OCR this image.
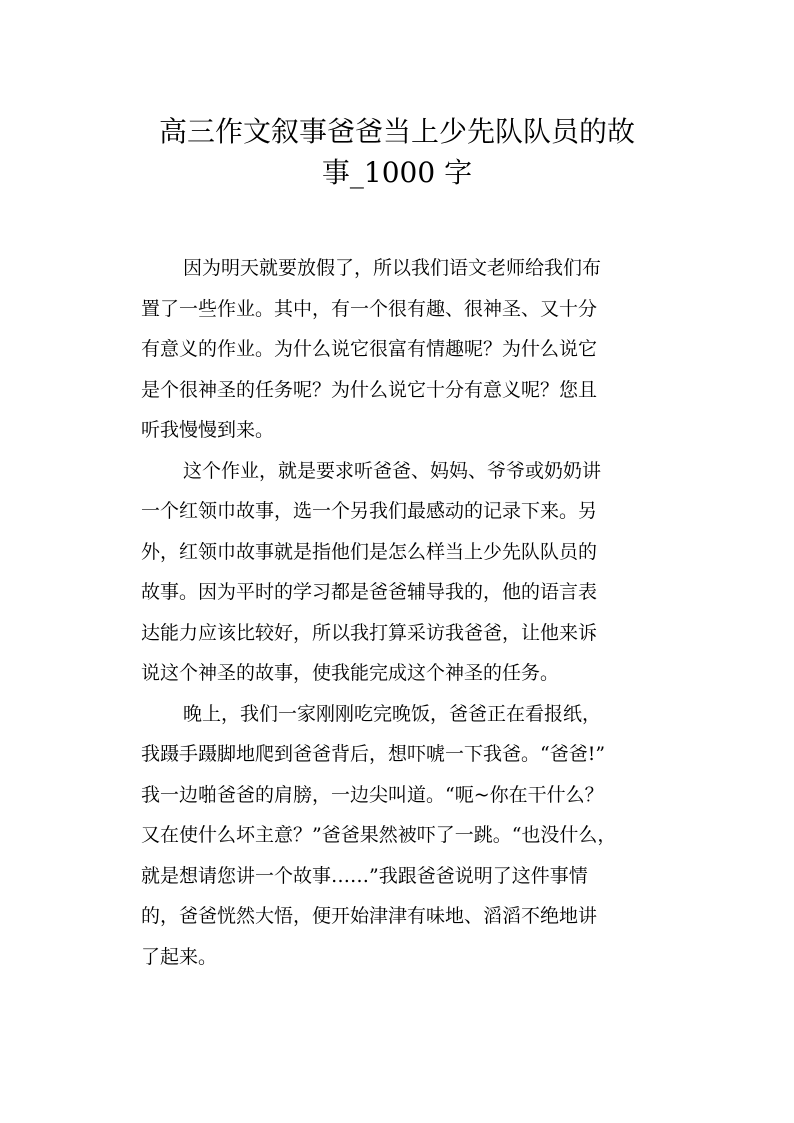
高三作文叙事爸爸当上少先队队员的故
事_1000 字
因为明天就要放假了，所以我们语文老师给我们布
置了一些作业。其中，有一个很有趣、很神圣、又十分
有意义的作业。为什么说它很富有情趣呢？为什么说它
是个很神圣的任务呢？为什么说它十分有意义呢？您且
听我慢慢到来。
这个作业，就是要求听爸爸、妈妈、爷爷或奶奶讲
一个红领巾故事，选一个另我们最感动的记录下来。另
外，红领巾故事就是指他们是怎么样当上少先队队员的
故事。因为平时的学习都是爸爸辅导我的，他的语言表
达能力应该比较好，所以我打算采访我爸爸，让他来诉
说这个神圣的故事，使我能完成这个神圣的任务。
晚上，我们一家刚刚吃完晚饭，爸爸正在看报纸，
我蹑手蹑脚地爬到爸爸背后，想吓唬一下我爸。“爸爸!”
我一边啪爸爸的肩膀，一边尖叫道。“呃~你在干什么？
又在使什么坏主意？”爸爸果然被吓了一跳。“也没什么，
就是想请您讲一个故事……”我跟爸爸说明了这件事情
的，爸爸恍然大悟，便开始津津有味地、滔滔不绝地讲
了起来。
